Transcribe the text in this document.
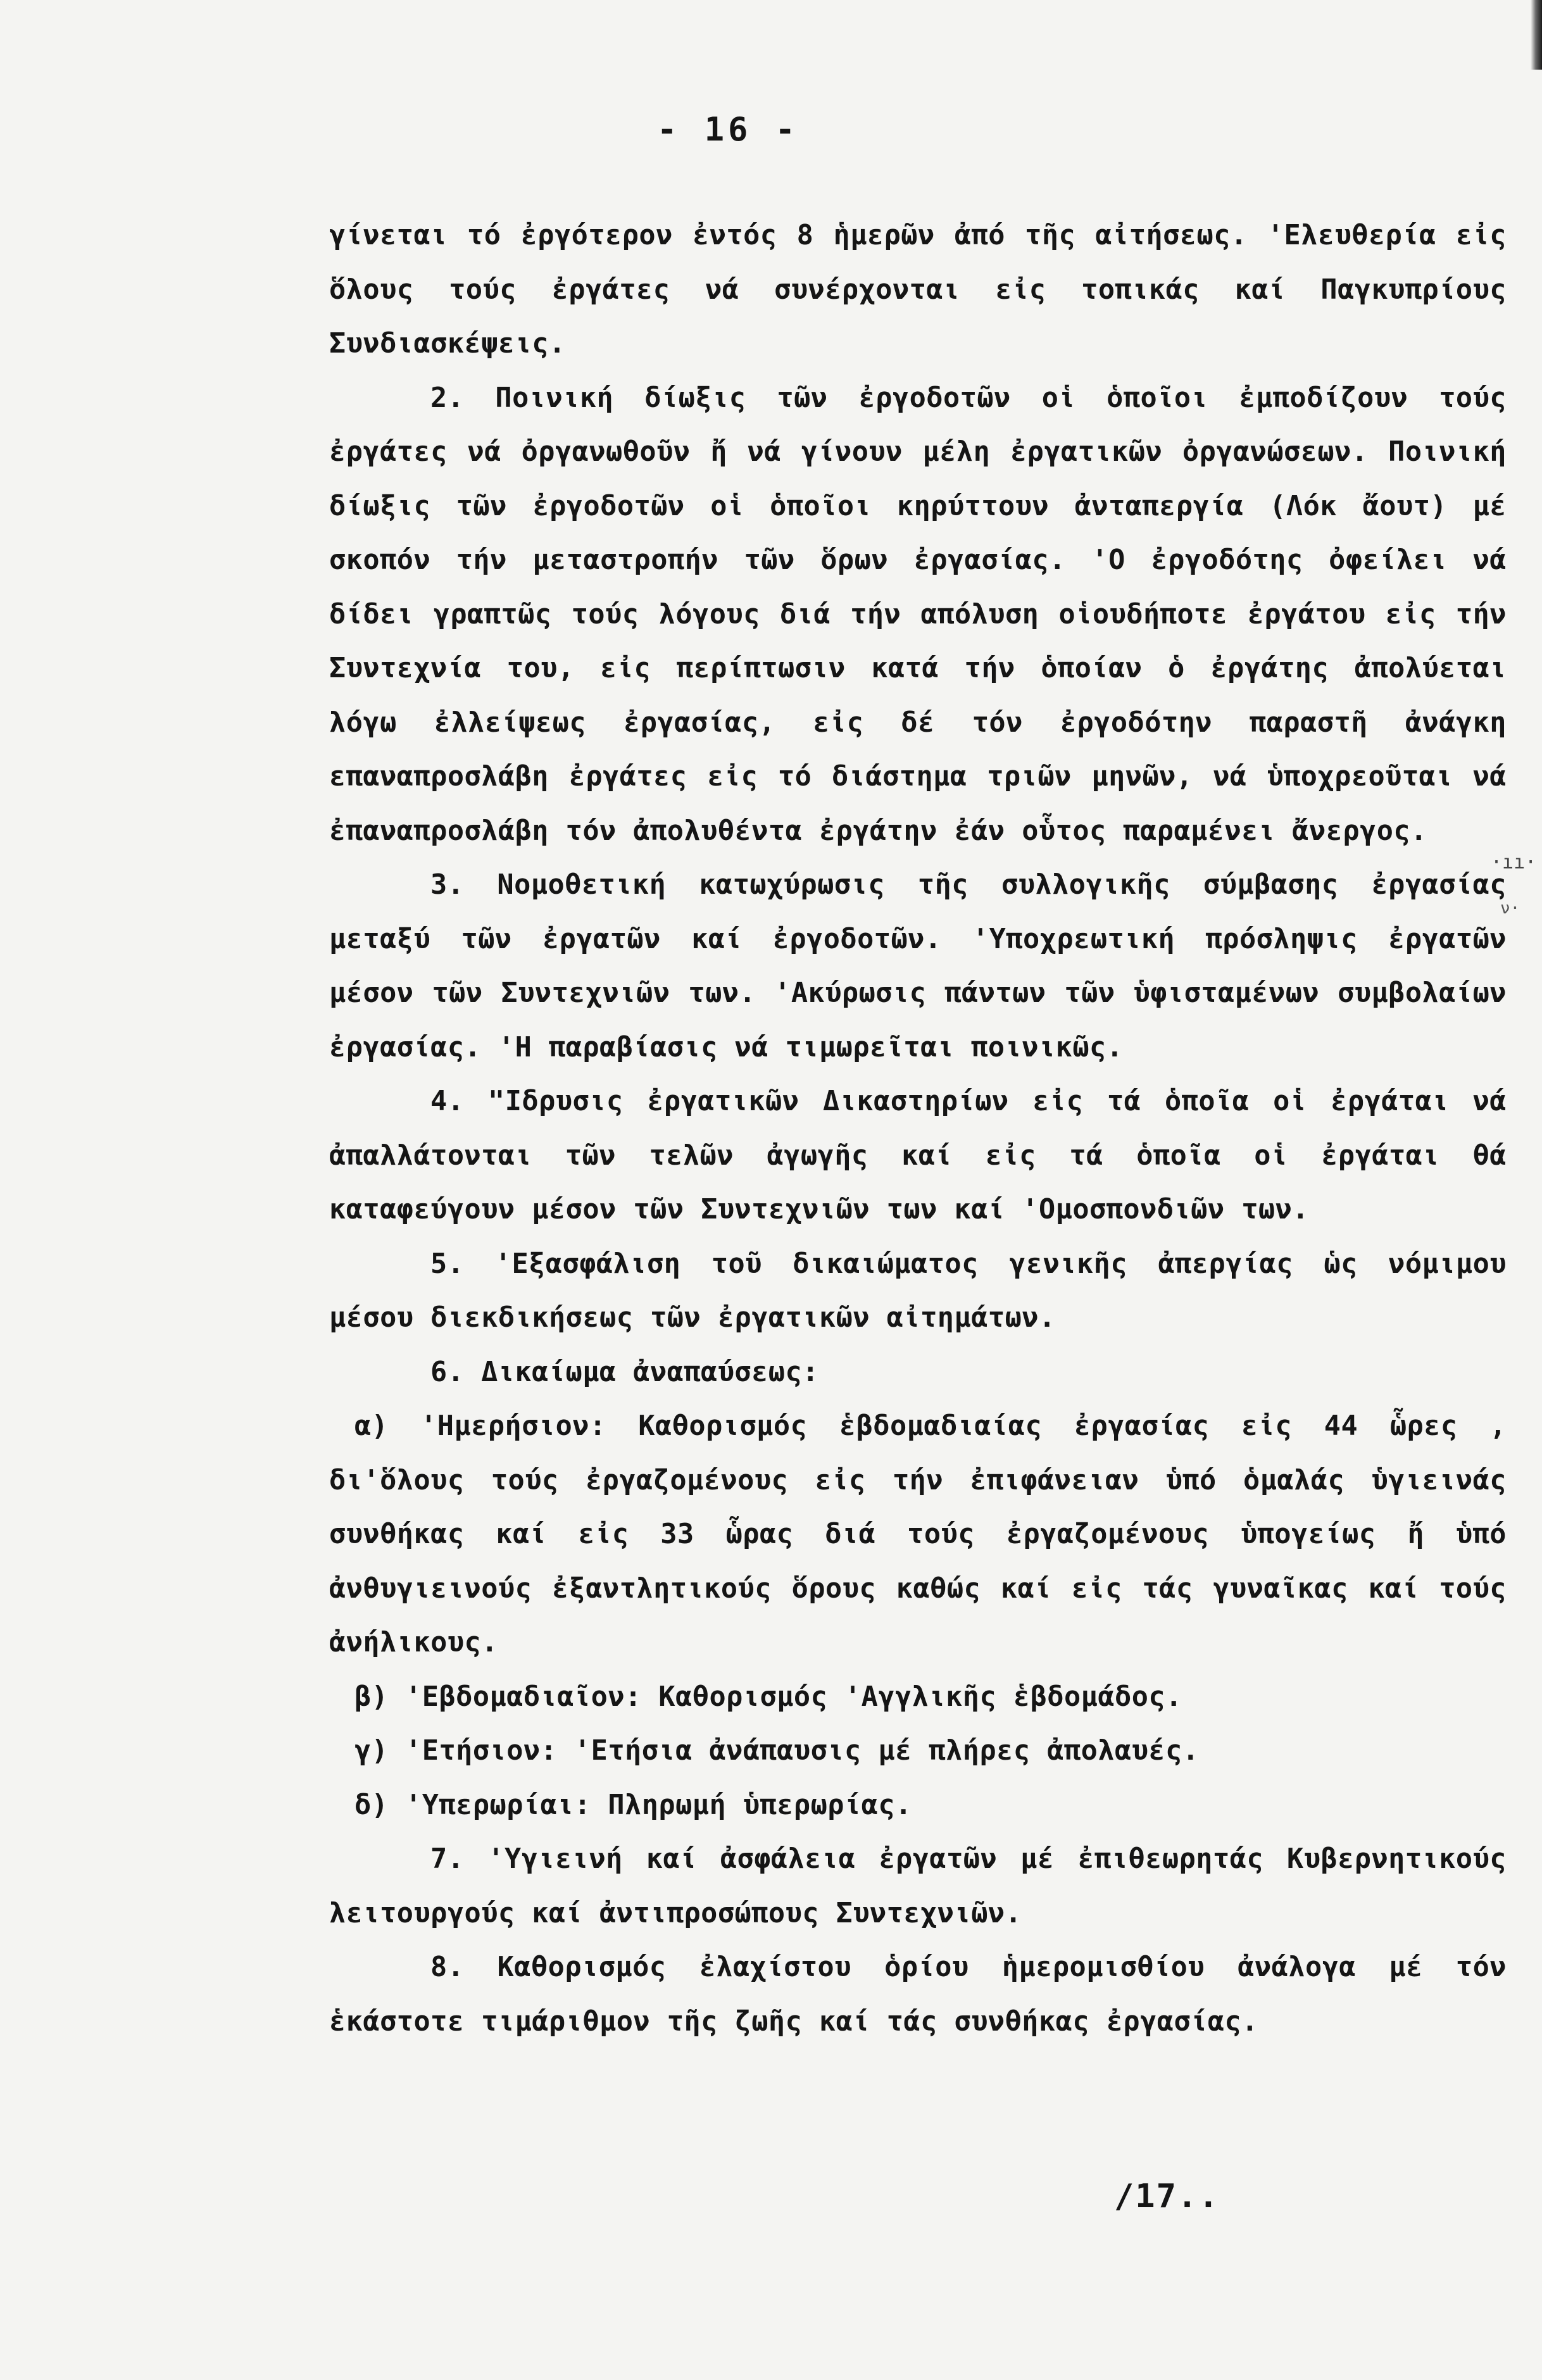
- 16 -

γίνεται τό ἐργότερον ἐντός 8 ἡμερῶν ἀπό τῆς αἰτήσεως. 'Ελευθερία εἰς ὅλους τούς ἐργάτες νά συνέρχονται εἰς τοπικάς καί Παγκυπρίους Συνδιασκέψεις.

2. Ποινική δίωξις τῶν ἐργοδοτῶν οἱ ὁποῖοι ἐμποδίζουν τούς ἐργάτες νά ὀργανωθοῦν ἤ νά γίνουν μέλη ἐργατικῶν ὀργανώσεων. Ποινική δίωξις τῶν ἐργοδοτῶν οἱ ὁποῖοι κηρύττουν ἀνταπεργία (Λόκ ἄουτ) μέ σκοπόν τήν μεταστροπήν τῶν ὅρων ἐργασίας. 'Ο ἐργοδότης ὀφείλει νά δίδει γραπτῶς τούς λόγους διά τήν απόλυση οἱουδήποτε ἐργάτου εἰς τήν Συντεχνία του, εἰς περίπτωσιν κατά τήν ὁποίαν ὁ ἐργάτης ἀπολύεται λόγω ἐλλείψεως ἐργασίας, εἰς δέ τόν ἐργοδότην παραστῆ ἀνάγκη επαναπροσλάβη ἐργάτες εἰς τό διάστημα τριῶν μηνῶν, νά ὑποχρεοῦται νά ἐπαναπροσλάβη τόν ἀπολυθέντα ἐργάτην ἐάν οὗτος παραμένει ἄνεργος.

3. Νομοθετική κατωχύρωσις τῆς συλλογικῆς σύμβασης ἐργασίας μεταξύ τῶν ἐργατῶν καί ἐργοδοτῶν. 'Υποχρεωτική πρόσληψις ἐργατῶν μέσον τῶν Συντεχνιῶν των. 'Ακύρωσις πάντων τῶν ὑφισταμένων συμβολαίων ἐργασίας. 'Η παραβίασις νά τιμωρεῖται ποινικῶς.

4. "Ιδρυσις ἐργατικῶν Δικαστηρίων εἰς τά ὁποῖα οἱ ἐργάται νά ἀπαλλάτονται τῶν τελῶν ἀγωγῆς καί εἰς τά ὁποῖα οἱ ἐργάται θά καταφεύγουν μέσον τῶν Συντεχνιῶν των καί 'Ομοσπονδιῶν των.

5. 'Εξασφάλιση τοῦ δικαιώματος γενικῆς ἀπεργίας ὡς νόμιμου μέσου διεκδικήσεως τῶν ἐργατικῶν αἰτημάτων.

6. Δικαίωμα ἀναπαύσεως:

α) 'Ημερήσιον: Καθορισμός ἑβδομαδιαίας ἐργασίας εἰς 44 ὧρες , δι'ὅλους τούς ἐργαζομένους εἰς τήν ἐπιφάνειαν ὑπό ὁμαλάς ὑγιεινάς συνθήκας καί εἰς 33 ὧρας διά τούς ἐργαζομένους ὑπογείως ἤ ὑπό ἀνθυγιεινούς ἐξαντλητικούς ὅρους καθώς καί εἰς τάς γυναῖκας καί τούς ἀνήλικους.

β) 'Εβδομαδιαῖον: Καθορισμός 'Αγγλικῆς ἑβδομάδος.

γ) 'Ετήσιον: 'Ετήσια ἀνάπαυσις μέ πλήρες ἀπολαυές.

δ) 'Υπερωρίαι: Πληρωμή ὑπερωρίας.

7. 'Υγιεινή καί ἀσφάλεια ἐργατῶν μέ ἐπιθεωρητάς Κυβερνητικούς λειτουργούς καί ἀντιπροσώπους Συντεχνιῶν.

8. Καθορισμός ἐλαχίστου ὁρίου ἡμερομισθίου ἀνάλογα μέ τόν ἑκάστοτε τιμάριθμον τῆς ζωῆς καί τάς συνθήκας ἐργασίας.

·ıı·
ν·
/17..
